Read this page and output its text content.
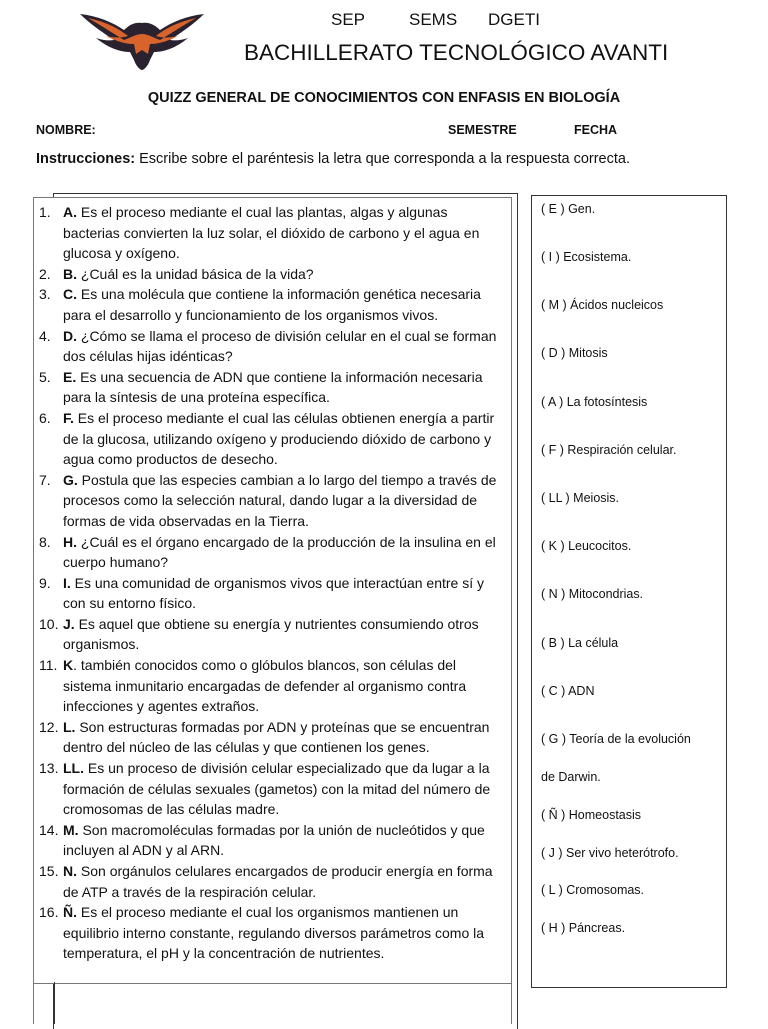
SEP	SEMS DGETI
BACHILLERATO TECNOLÓGICO AVANTI
QUIZZ GENERAL DE CONOCIMIENTOS CON ENFASIS EN BIOLOGÍA
NOMBRE:	SEMESTRE	FECHA
Instrucciones: Escribe sobre el paréntesis la letra que corresponda a la respuesta correcta.
1. A. Es el proceso mediante el cual las plantas, algas y algunas bacterias convierten la luz solar, el dióxido de carbono y el agua en glucosa y oxígeno.
2. B. ¿Cuál es la unidad básica de la vida?
3. C. Es una molécula que contiene la información genética necesaria para el desarrollo y funcionamiento de los organismos vivos.
4. D. ¿Cómo se llama el proceso de división celular en el cual se forman dos células hijas idénticas?
5. E. Es una secuencia de ADN que contiene la información necesaria para la síntesis de una proteína específica.
6. F. Es el proceso mediante el cual las células obtienen energía a partir de la glucosa, utilizando oxígeno y produciendo dióxido de carbono y agua como productos de desecho.
7. G. Postula que las especies cambian a lo largo del tiempo a través de procesos como la selección natural, dando lugar a la diversidad de formas de vida observadas en la Tierra.
8. H. ¿Cuál es el órgano encargado de la producción de la insulina en el cuerpo humano?
9. I. Es una comunidad de organismos vivos que interactúan entre sí y con su entorno físico.
10. J. Es aquel que obtiene su energía y nutrientes consumiendo otros organismos.
11. K. también conocidos como o glóbulos blancos, son células del sistema inmunitario encargadas de defender al organismo contra infecciones y agentes extraños.
12. L. Son estructuras formadas por ADN y proteínas que se encuentran dentro del núcleo de las células y que contienen los genes.
13. LL. Es un proceso de división celular especializado que da lugar a la formación de células sexuales (gametos) con la mitad del número de cromosomas de las células madre.
14. M. Son macromoléculas formadas por la unión de nucleótidos y que incluyen al ADN y al ARN.
15. N. Son orgánulos celulares encargados de producir energía en forma de ATP a través de la respiración celular.
16. Ñ. Es el proceso mediante el cual los organismos mantienen un equilibrio interno constante, regulando diversos parámetros como la temperatura, el pH y la concentración de nutrientes.
( E ) Gen.
( I ) Ecosistema.
( M ) Ácidos nucleicos
( D ) Mitosis
( A ) La fotosíntesis
( F ) Respiración celular.
( LL ) Meiosis.
( K ) Leucocitos.
( N ) Mitocondrias.
( B ) La célula
( C ) ADN
( G ) Teoría de la evolución
de Darwin.
( Ñ ) Homeostasis
( J ) Ser vivo heterótrofo.
( L ) Cromosomas.
( H ) Páncreas.
